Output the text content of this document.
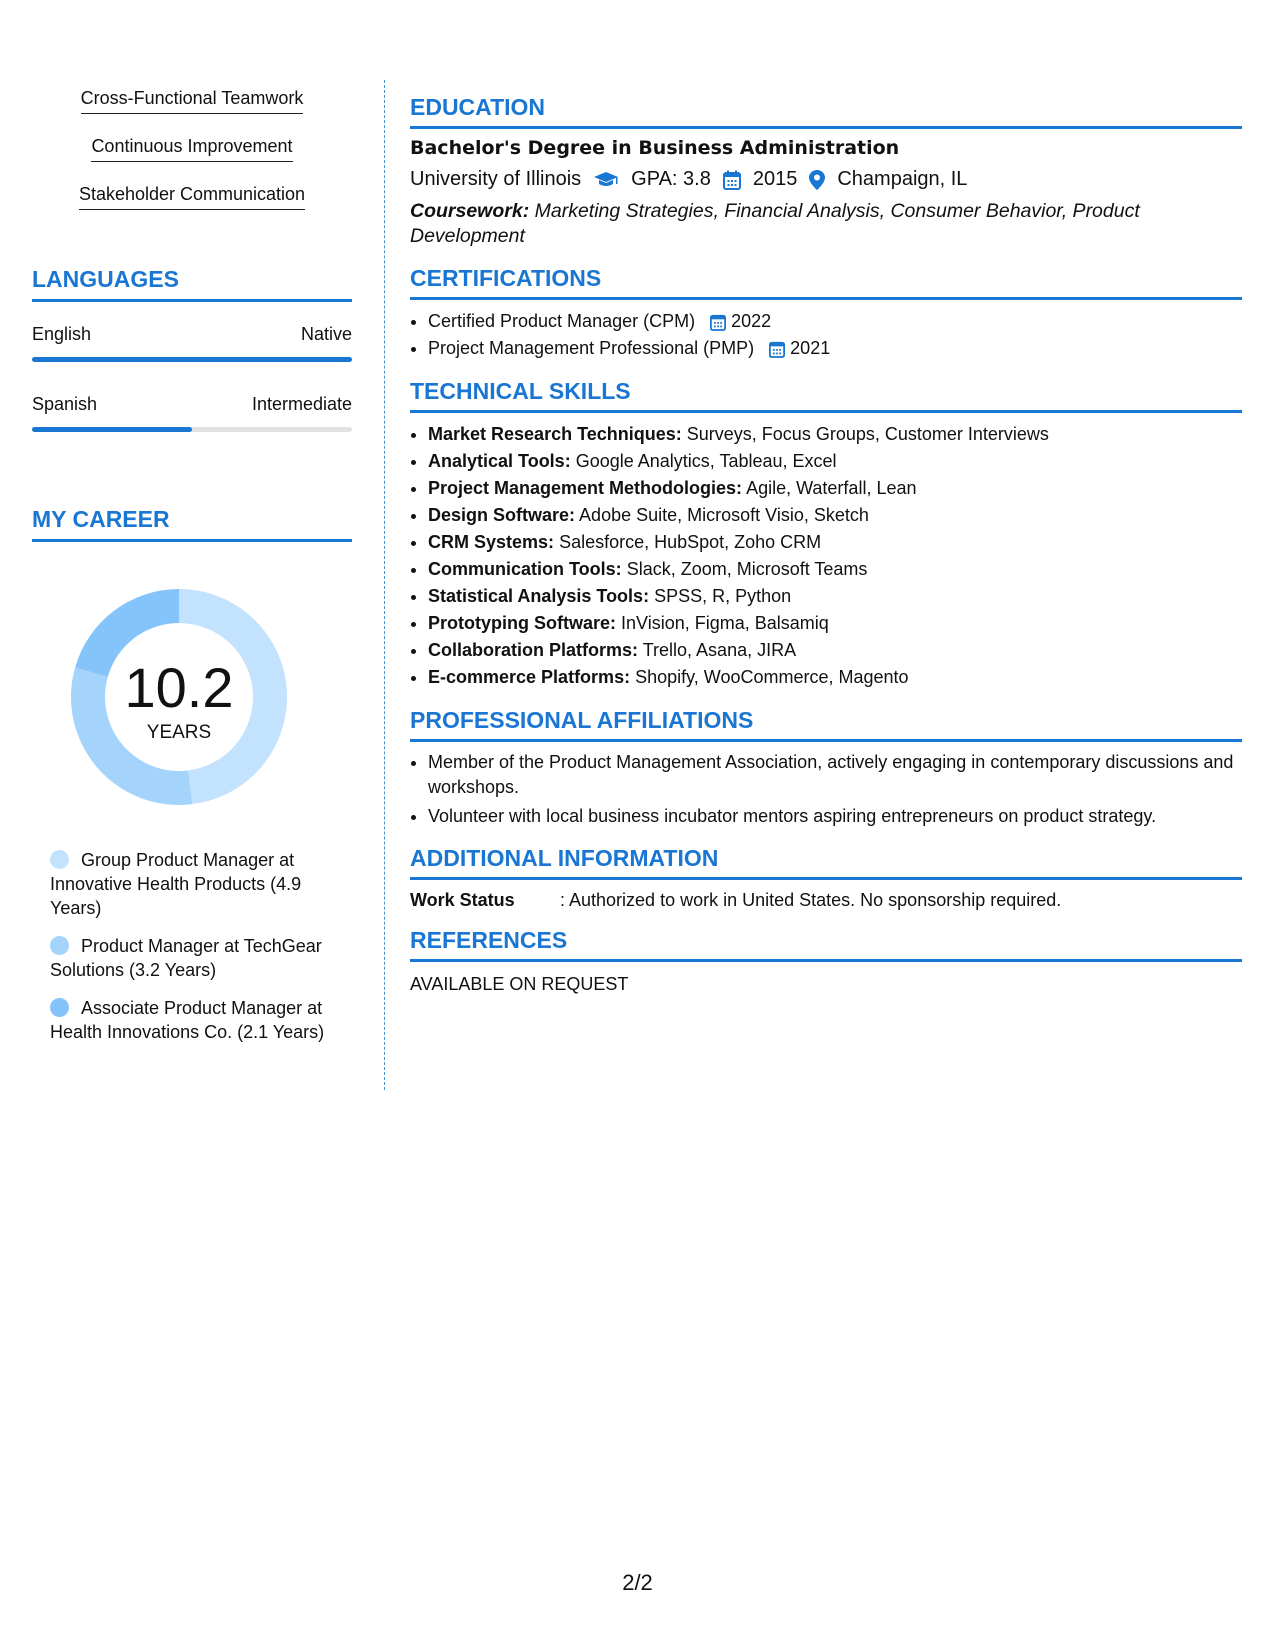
Cross-Functional Teamwork
Continuous Improvement
Stakeholder Communication
LANGUAGES
English	Native
Spanish	Intermediate
MY CAREER
10.2
YEARS
Group Product Manager at Innovative Health Products (4.9 Years)
Product Manager at TechGear Solutions (3.2 Years)
Associate Product Manager at Health Innovations Co. (2.1 Years)
EDUCATION
Bachelor's Degree in Business Administration
University of Illinois	GPA: 3.8 2015 Champaign, IL
Coursework: Marketing Strategies, Financial Analysis, Consumer Behavior, Product Development
CERTIFICATIONS
• Certified Product Manager (CPM) 2022
• Project Management Professional (PMP) 2021
TECHNICAL SKILLS
• Market Research Techniques: Surveys, Focus Groups, Customer Interviews
• Analytical Tools: Google Analytics, Tableau, Excel
• Project Management Methodologies: Agile, Waterfall, Lean
• Design Software: Adobe Suite, Microsoft Visio, Sketch
• CRM Systems: Salesforce, HubSpot, Zoho CRM
• Communication Tools: Slack, Zoom, Microsoft Teams
• Statistical Analysis Tools: SPSS, R, Python
• Prototyping Software: InVision, Figma, Balsamiq
• Collaboration Platforms: Trello, Asana, JIRA
• E-commerce Platforms: Shopify, WooCommerce, Magento
PROFESSIONAL AFFILIATIONS
• Member of the Product Management Association, actively engaging in contemporary discussions and workshops.
• Volunteer with local business incubator mentors aspiring entrepreneurs on product strategy.
ADDITIONAL INFORMATION
Work Status	: Authorized to work in United States. No sponsorship required.
REFERENCES
AVAILABLE ON REQUEST
2/2
